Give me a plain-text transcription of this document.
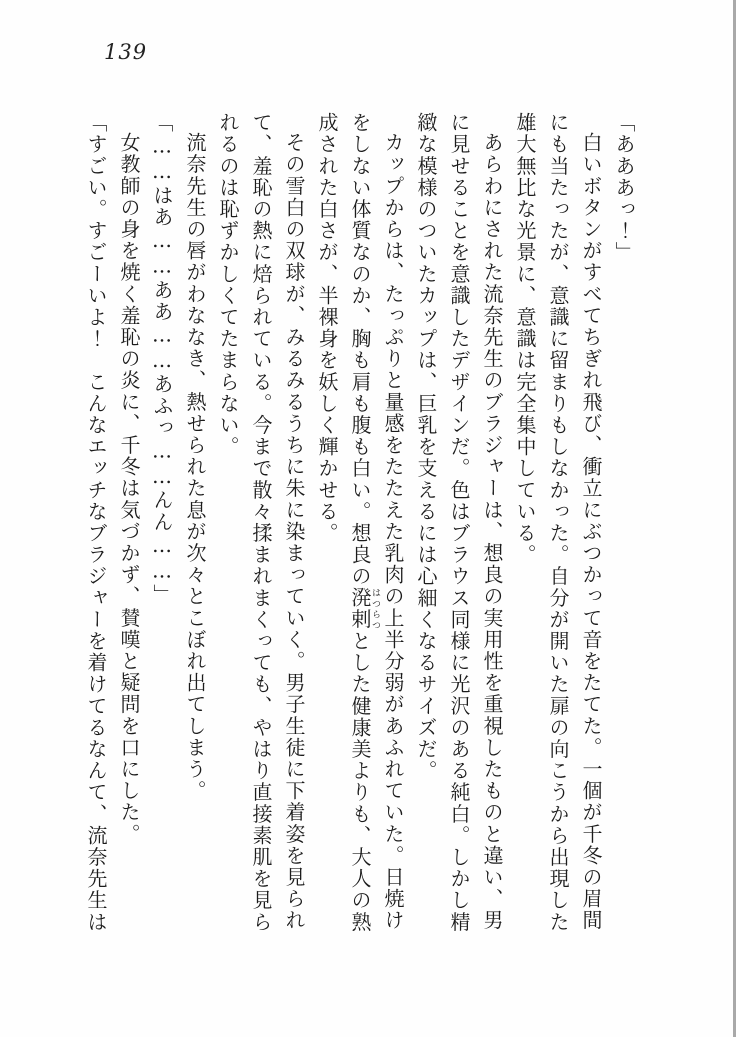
139

「あああっ！」

白いボタンがすべてちぎれ飛び、衝立にぶつかって音をたてた。一個が千冬の眉間にも当たったが、意識に留まりもしなかった。自分が開いた扉の向こうから出現した雄大無比な光景に、意識は完全集中している。

あらわにされた流奈先生のブラジャーは、想良の実用性を重視したものと違い、男に見せることを意識したデザインだ。色はブラウス同様に光沢のある純白。しかし精緻な模様のついたカップは、巨乳を支えるには心細くなるサイズだ。

カップからは、たっぷりと量感をたたえた乳肉の上半分弱があふれていた。日焼けをしない体質なのか、胸も肩も腹も白い。想良の溌剌はつらつとした健康美よりも、大人の熟成された白さが、半裸身を妖しく輝かせる。

その雪白の双球が、みるみるうちに朱に染まっていく。男子生徒に下着姿を見られて、羞恥の熱に焙られている。今まで散々揉まれまくっても、やはり直接素肌を見られるのは恥ずかしくてたまらない。

流奈先生の唇がわななき、熱せられた息が次々とこぼれ出てしまう。

「……はあ……ああ……あふっ……んん……」

女教師の身を焼く羞恥の炎に、千冬は気づかず、賛嘆と疑問を口にした。

「すごい。すごーいよ！　こんなエッチなブラジャーを着けてるなんて、流奈先生は
